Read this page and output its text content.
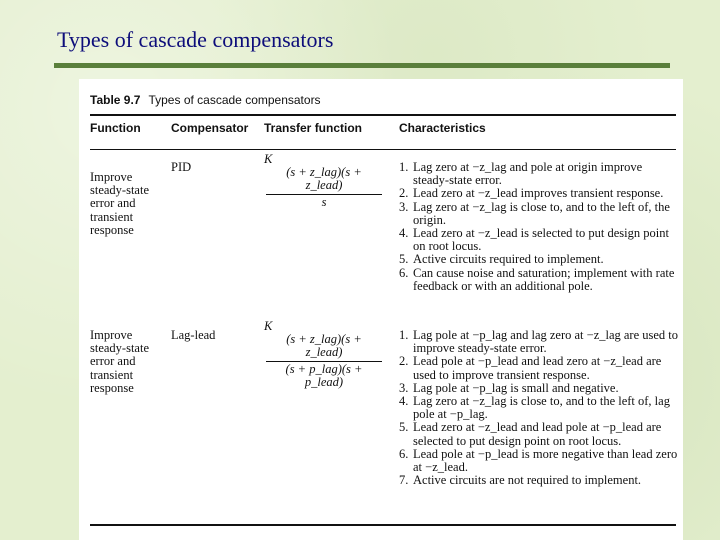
Types of cascade compensators
Table 9.7 Types of cascade compensators
Function	Compensator Transfer function	Characteristics
Improve steady-state error and transient response
PID
K
$\frac{\text{(s + z\_lag)(s + z\_lead)}}{s} 1$. Lag zero at −z_lag and pole at origin improve steady-state error.
2. Lead zero at −z_lead improves transient response.
3. Lag zero at −z_lag is close to, and to the left of, the origin.
4. Lead zero at −z_lead is selected to put design point on root locus.
5. Active circuits required to implement.
6. Can cause noise and saturation; implement with rate feedback or with an additional pole.
Improve steady-state error and transient response
Lag-lead
K
$\frac{\text{(s + z\_lag)(s + z\_lead)}}{\text{(s + p\_lag)(s + p\_lead)}} 1$. Lag pole at −p_lag and lag zero at −z_lag are used to improve steady-state error.
2. Lead pole at −p_lead and lead zero at −z_lead are used to improve transient response.
3. Lag pole at −p_lag is small and negative.
4. Lag zero at −z_lag is close to, and to the left of, lag pole at −p_lag.
5. Lead zero at −z_lead and lead pole at −p_lead are selected to put design point on root locus.
6. Lead pole at −p_lead is more negative than lead zero at −z_lead.
7. Active circuits are not required to implement.
